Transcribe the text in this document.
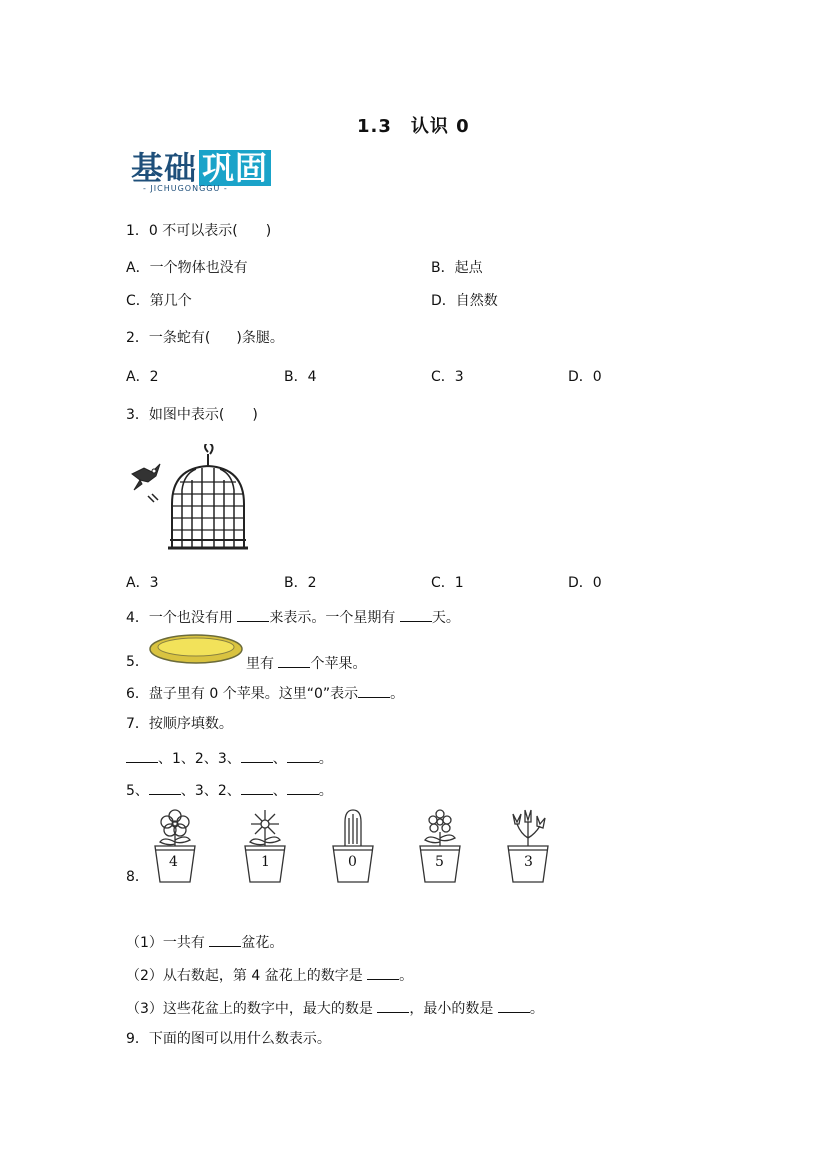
1.3　认识 0
基础 巩固
- JICHUGONGGU -
1．0 不可以表示(　　)
A．一个物体也没有	B．起点
C．第几个	D．自然数
2．一条蛇有( )条腿。
A．2	B．4	C．3	D．0
3．如图中表示(　　)
A．3	B．2	C．1	D．0
4．一个也没有用	来表示。一个星期有	天。
5．	里有	个苹果。
6．盘子里有 0 个苹果。这里“0”表示 。
7．按顺序填数。
、1、2、3、 、 。
5、 、3、2、 、 。
8．
4	1	0	5	3
（1）一共有	盆花。
（2）从右数起，第 4 盆花上的数字是	。
（3）这些花盆上的数字中，最大的数是	，最小的数是	。
9．下面的图可以用什么数表示。
